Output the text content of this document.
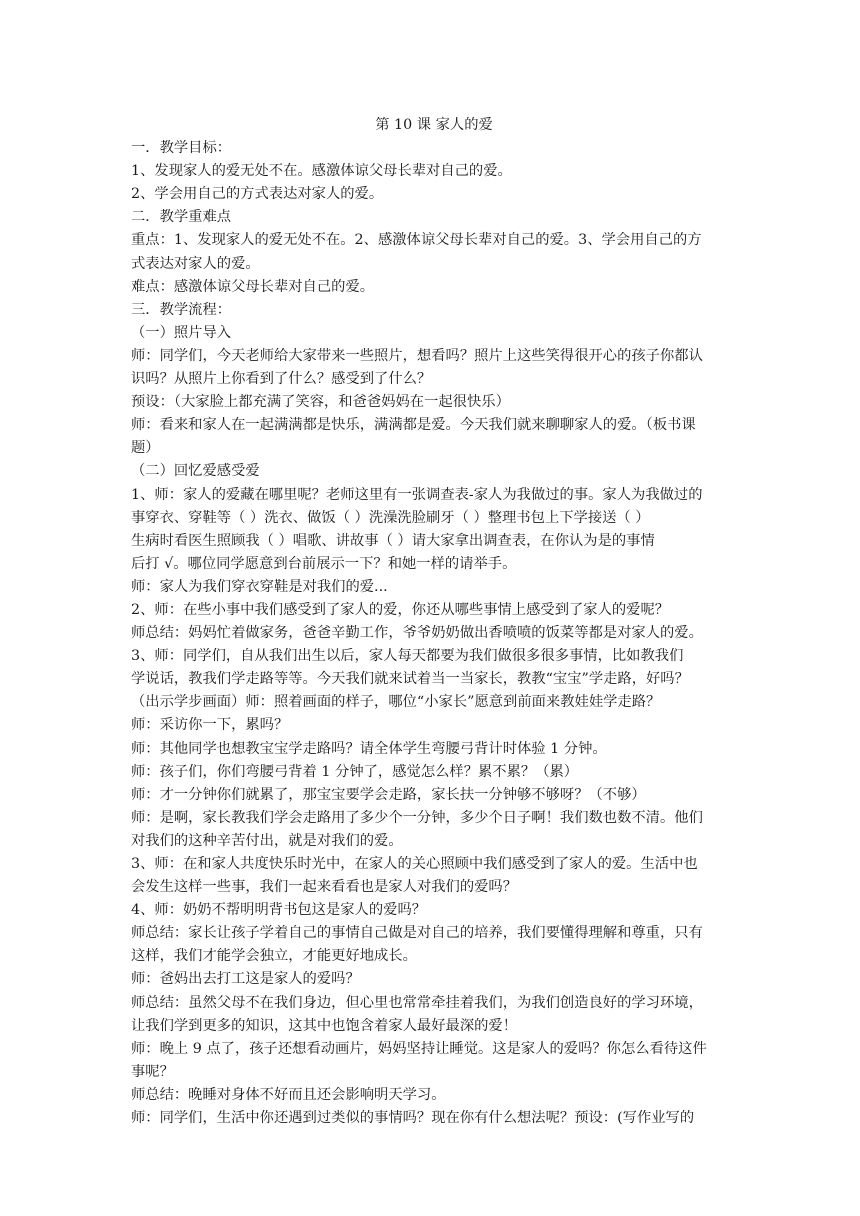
第 10 课 家人的爱

一．教学目标：

1、发现家人的爱无处不在。感激体谅父母长辈对自己的爱。

2、学会用自己的方式表达对家人的爱。

二．教学重难点

重点：1、发现家人的爱无处不在。2、感激体谅父母长辈对自己的爱。3、学会用自己的方

式表达对家人的爱。

难点：感激体谅父母长辈对自己的爱。

三．教学流程：

（一）照片导入

师：同学们，今天老师给大家带来一些照片，想看吗？照片上这些笑得很开心的孩子你都认

识吗？从照片上你看到了什么？感受到了什么？

预设：（大家脸上都充满了笑容，和爸爸妈妈在一起很快乐）

师：看来和家人在一起满满都是快乐，满满都是爱。今天我们就来聊聊家人的爱。（板书课

题）

（二）回忆爱感受爱

1、师：家人的爱藏在哪里呢？老师这里有一张调查表-家人为我做过的事。家人为我做过的

事穿衣、穿鞋等（ ）洗衣、做饭（ ）洗澡洗脸刷牙（ ）整理书包上下学接送（ ）

生病时看医生照顾我（ ）唱歌、讲故事（ ）请大家拿出调查表，在你认为是的事情

后打 √。哪位同学愿意到台前展示一下？和她一样的请举手。

师：家人为我们穿衣穿鞋是对我们的爱...

2、师：在些小事中我们感受到了家人的爱，你还从哪些事情上感受到了家人的爱呢？

师总结：妈妈忙着做家务，爸爸辛勤工作，爷爷奶奶做出香喷喷的饭菜等都是对家人的爱。

3、师：同学们，自从我们出生以后，家人每天都要为我们做很多很多事情，比如教我们

学说话，教我们学走路等等。今天我们就来试着当一当家长，教教“宝宝”学走路，好吗？

（出示学步画面）师：照着画面的样子，哪位“小家长”愿意到前面来教娃娃学走路？

师：采访你一下，累吗？

师：其他同学也想教宝宝学走路吗？请全体学生弯腰弓背计时体验 1 分钟。

师：孩子们，你们弯腰弓背着 1 分钟了，感觉怎么样？累不累？（累）

师：才一分钟你们就累了，那宝宝要学会走路，家长扶一分钟够不够呀？（不够）

师：是啊，家长教我们学会走路用了多少个一分钟，多少个日子啊！我们数也数不清。他们

对我们的这种辛苦付出，就是对我们的爱。

3、师：在和家人共度快乐时光中，在家人的关心照顾中我们感受到了家人的爱。生活中也

会发生这样一些事，我们一起来看看也是家人对我们的爱吗？

4、师：奶奶不帮明明背书包这是家人的爱吗？

师总结：家长让孩子学着自己的事情自己做是对自己的培养，我们要懂得理解和尊重，只有

这样，我们才能学会独立，才能更好地成长。

师：爸妈出去打工这是家人的爱吗？

师总结：虽然父母不在我们身边，但心里也常常牵挂着我们，为我们创造良好的学习环境，

让我们学到更多的知识，这其中也饱含着家人最好最深的爱！

师：晚上 9 点了，孩子还想看动画片，妈妈坚持让睡觉。这是家人的爱吗？你怎么看待这件

事呢？

师总结：晚睡对身体不好而且还会影响明天学习。

师：同学们，生活中你还遇到过类似的事情吗？现在你有什么想法呢？预设：(写作业写的
